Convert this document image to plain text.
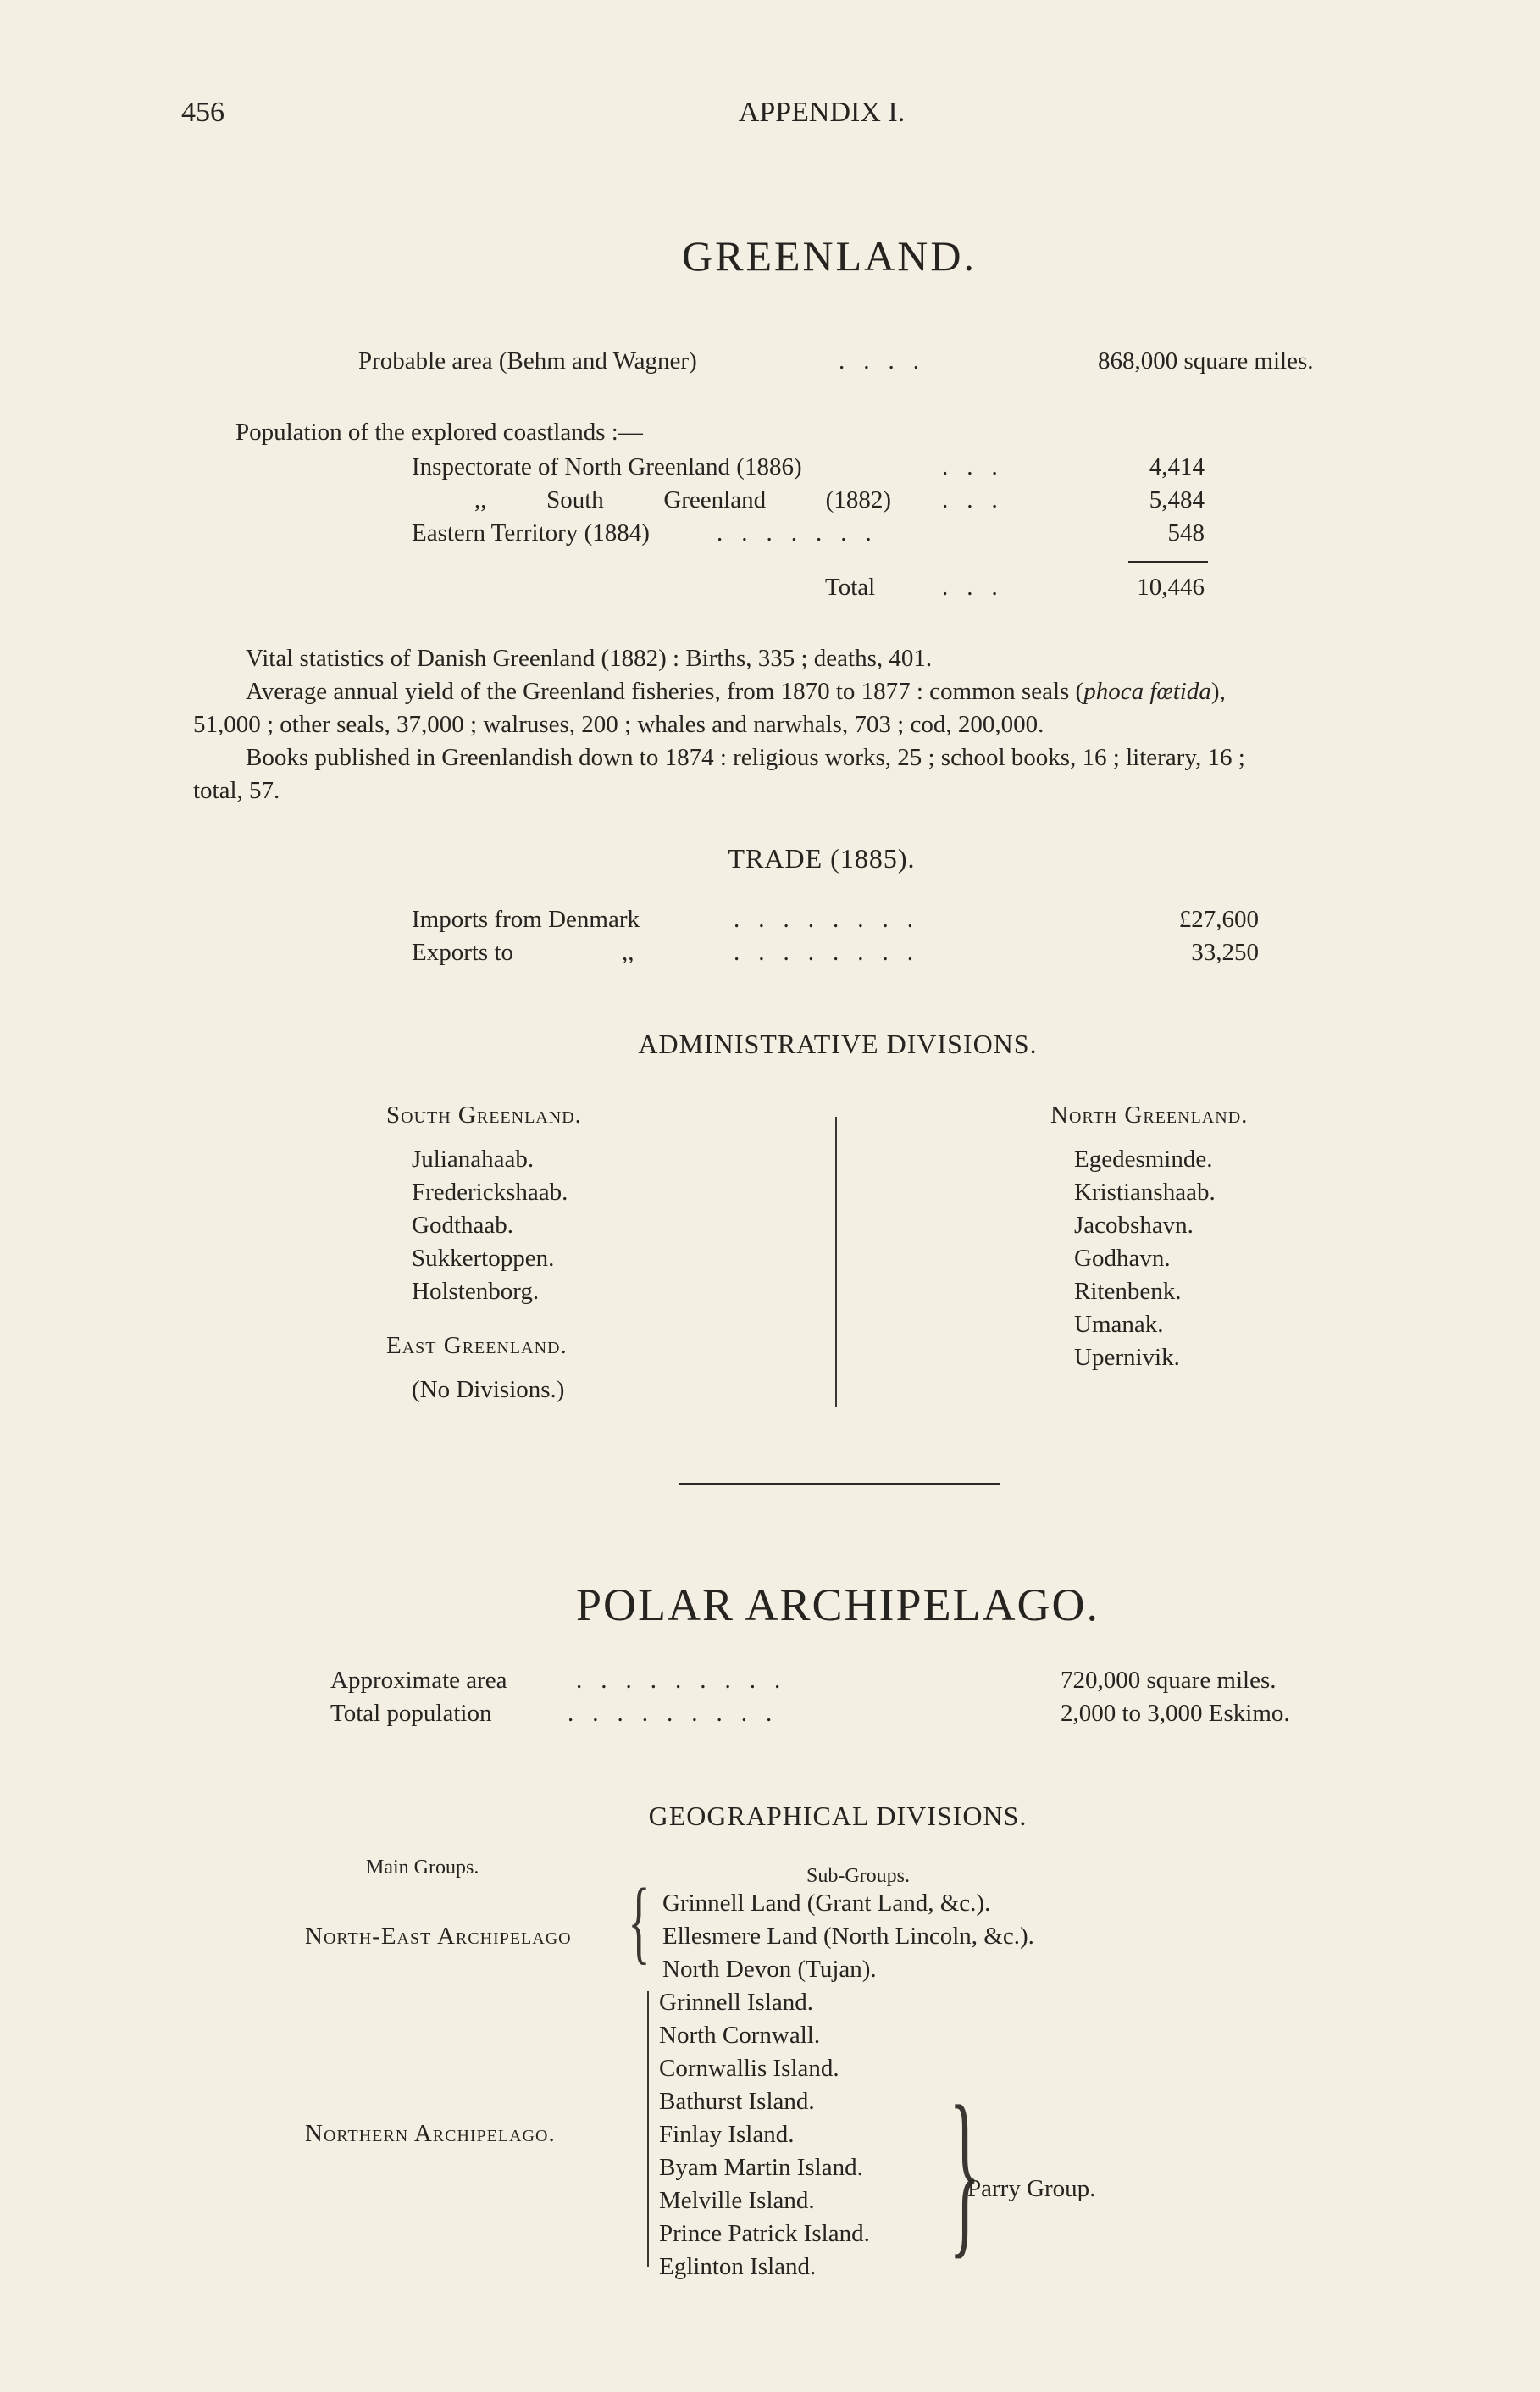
456	APPENDIX I.
GREENLAND.
Probable area (Behm and Wagner)	....	868,000 square miles.
Population of the explored coastlands :—
Inspectorate of North Greenland (1886)	...	4,414
,, South Greenland (1882) ...	5,484
Eastern Territory (1884)	.......	548
Total	...	10,446
Vital statistics of Danish Greenland (1882) : Births, 335 ; deaths, 401.
Average annual yield of the Greenland fisheries, from 1870 to 1877 : common seals (phoca fœtida),
51,000 ; other seals, 37,000 ; walruses, 200 ; whales and narwhals, 703 ; cod, 200,000.
Books published in Greenlandish down to 1874 : religious works, 25 ; school books, 16 ; literary, 16 ;
total, 57.
TRADE (1885).
Imports from Denmark	........	£27,600
Exports to	,,	........	33,250
ADMINISTRATIVE DIVISIONS.
South Greenland.
Julianahaab.
Frederickshaab.
Godthaab.
Sukkertoppen.
Holstenborg.
East Greenland.
(No Divisions.)
North Greenland.
Egedesminde.
Kristianshaab.
Jacobshavn.
Godhavn.
Ritenbenk.
Umanak.
Upernivik.
POLAR ARCHIPELAGO.
Approximate area	.........	720,000 square miles.
Total population	.........	2,000 to 3,000 Eskimo.
GEOGRAPHICAL DIVISIONS.
Main Groups.	Sub-Groups.
North-East Archipelago { Grinnell Land (Grant Land, &c.).
Ellesmere Land (North Lincoln, &c.).
North Devon (Tujan).
Northern Archipelago.
Grinnell Island.
North Cornwall.
Cornwallis Island.
Bathurst Island.
Finlay Island.
Byam Martin Island.
Melville Island.
Prince Patrick Island.
Eglinton Island. }
Parry Group.
